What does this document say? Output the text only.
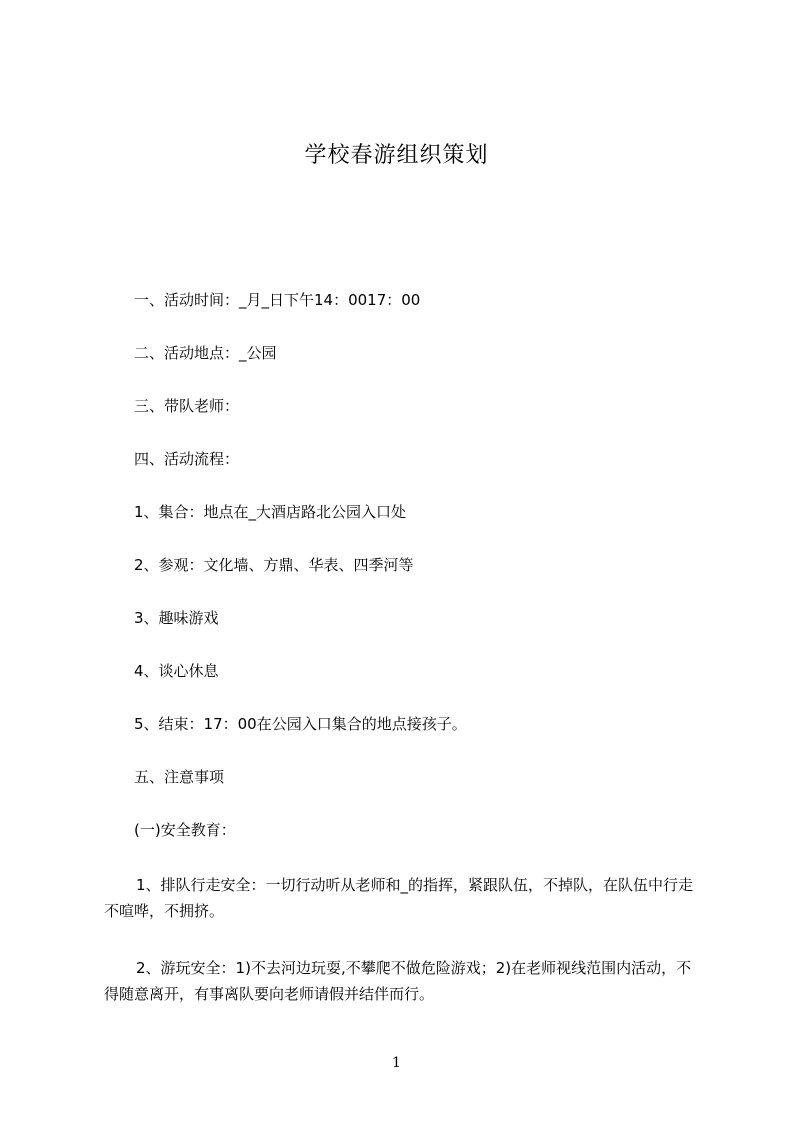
学校春游组织策划
一、活动时间：_月_日下午14：0017：00
二、活动地点：_公园
三、带队老师：
四、活动流程：
1、集合：地点在_大酒店路北公园入口处
2、参观：文化墙、方鼎、华表、四季河等
3、趣味游戏
4、谈心休息
5、结束：17：00在公园入口集合的地点接孩子。
五、注意事项
(一)安全教育：
1、排队行走安全：一切行动听从老师和_的指挥，紧跟队伍，不掉队，在队伍中行走不喧哗，不拥挤。
2、游玩安全：1)不去河边玩耍,不攀爬不做危险游戏；2)在老师视线范围内活动，不得随意离开，有事离队要向老师请假并结伴而行。
1
